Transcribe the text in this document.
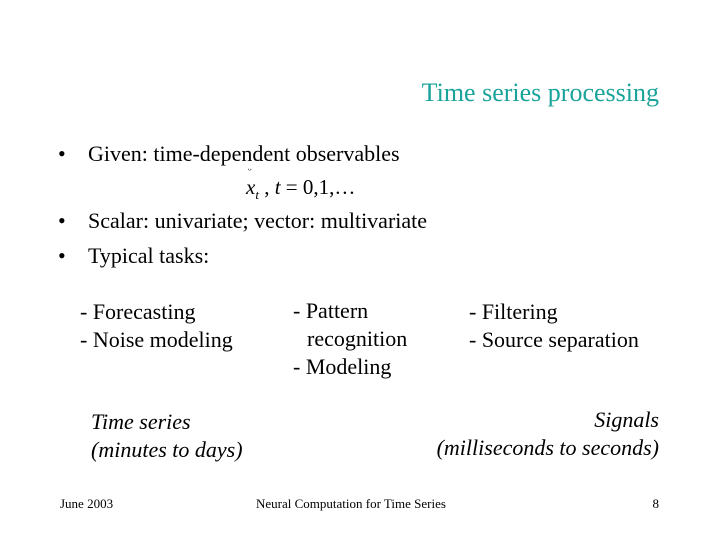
Time series processing
• Given: time-dependent observables
ᵕ
$x_t$ , t = 0,1,…
• Scalar: univariate; vector: multivariate
• Typical tasks:
- Forecasting
- Noise modeling
- Pattern
recognition
- Modeling
- Filtering
- Source separation
Time series
(minutes to days)
Signals
(milliseconds to seconds)
June 2003	Neural Computation for Time Series	8
